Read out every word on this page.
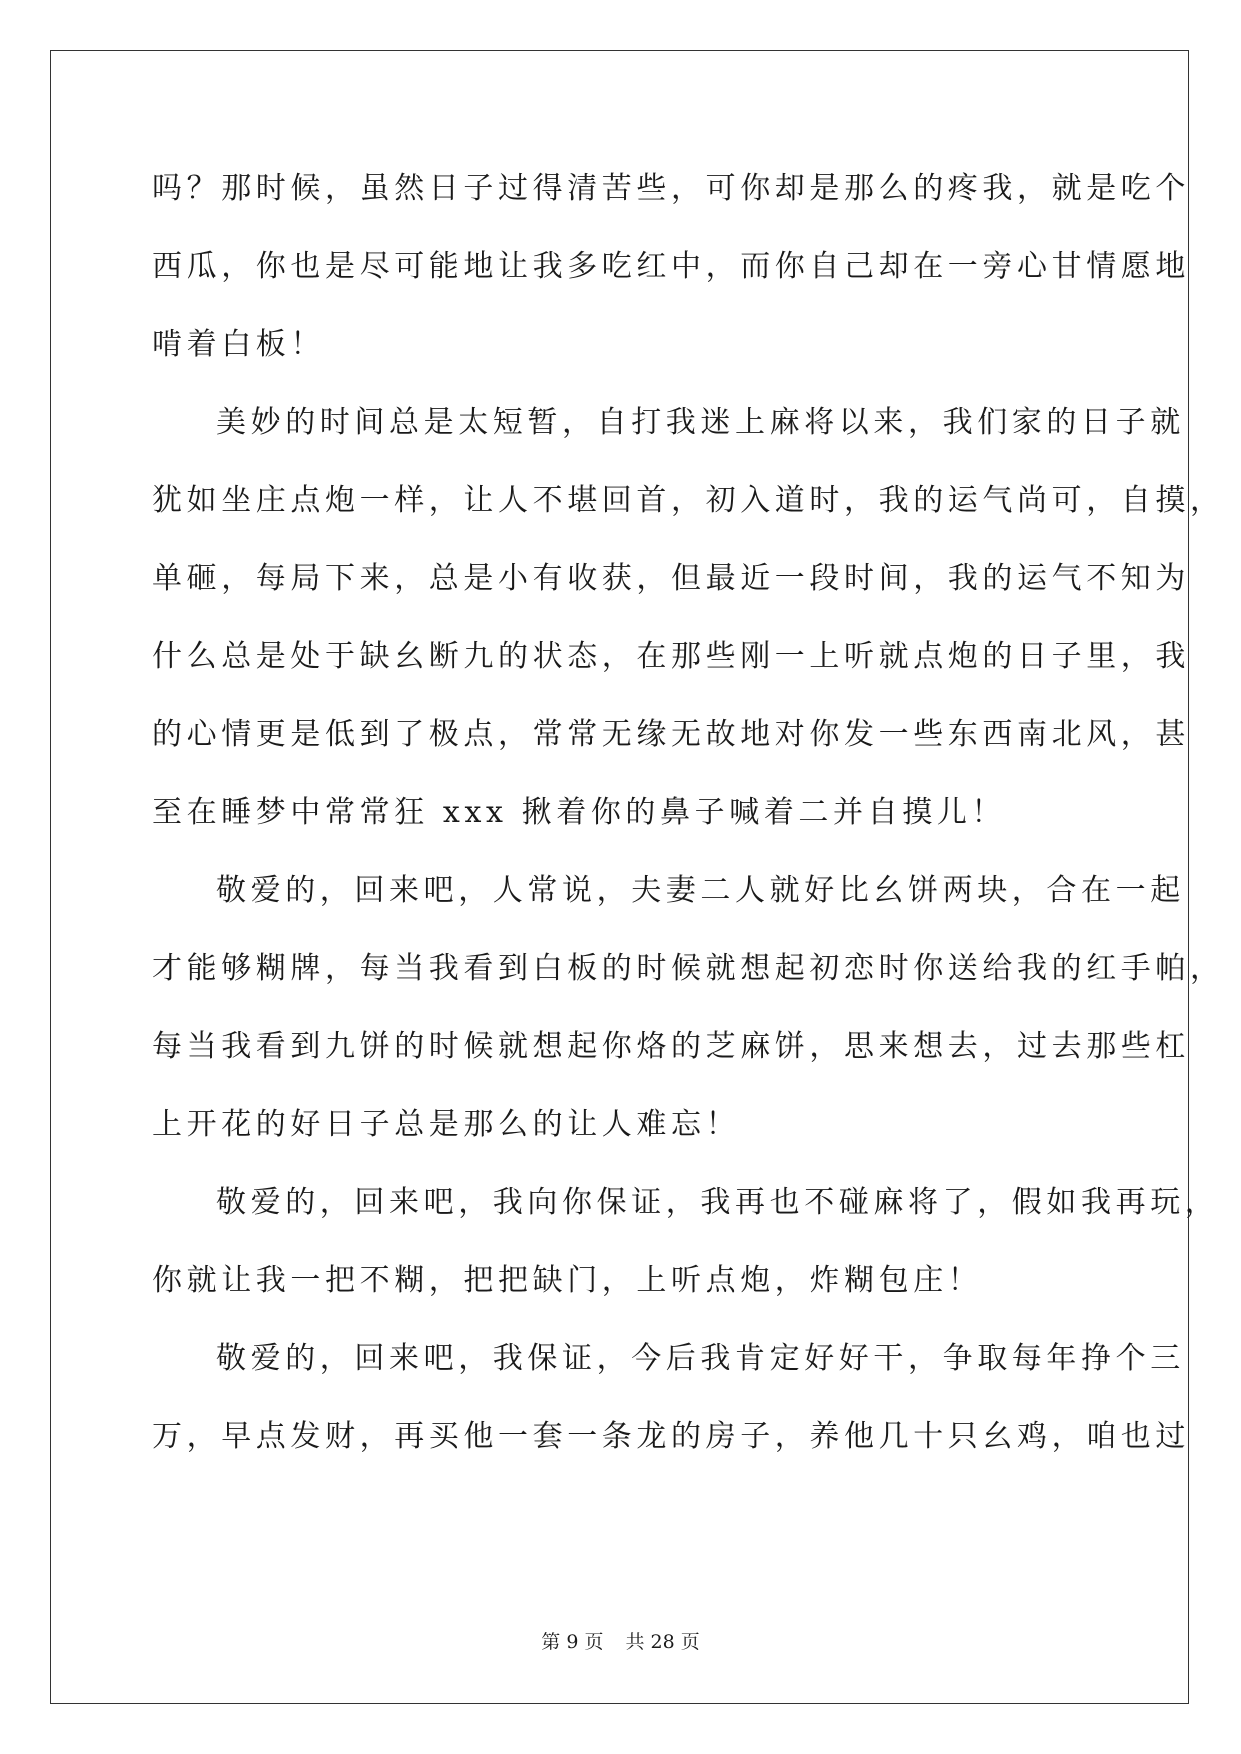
吗？那时候，虽然日子过得清苦些，可你却是那么的疼我，就是吃个

西瓜，你也是尽可能地让我多吃红中，而你自己却在一旁心甘情愿地

啃着白板！

美妙的时间总是太短暂，自打我迷上麻将以来，我们家的日子就

犹如坐庄点炮一样，让人不堪回首，初入道时，我的运气尚可，自摸，

单砸，每局下来，总是小有收获，但最近一段时间，我的运气不知为

什么总是处于缺幺断九的状态，在那些刚一上听就点炮的日子里，我

的心情更是低到了极点，常常无缘无故地对你发一些东西南北风，甚

至在睡梦中常常狂 xxx 揪着你的鼻子喊着二并自摸儿！

敬爱的，回来吧，人常说，夫妻二人就好比幺饼两块，合在一起

才能够糊牌，每当我看到白板的时候就想起初恋时你送给我的红手帕，

每当我看到九饼的时候就想起你烙的芝麻饼，思来想去，过去那些杠

上开花的好日子总是那么的让人难忘！

敬爱的，回来吧，我向你保证，我再也不碰麻将了，假如我再玩，

你就让我一把不糊，把把缺门，上听点炮，炸糊包庄！

敬爱的，回来吧，我保证，今后我肯定好好干，争取每年挣个三

万，早点发财，再买他一套一条龙的房子，养他几十只幺鸡，咱也过

第 9 页 共 28 页
